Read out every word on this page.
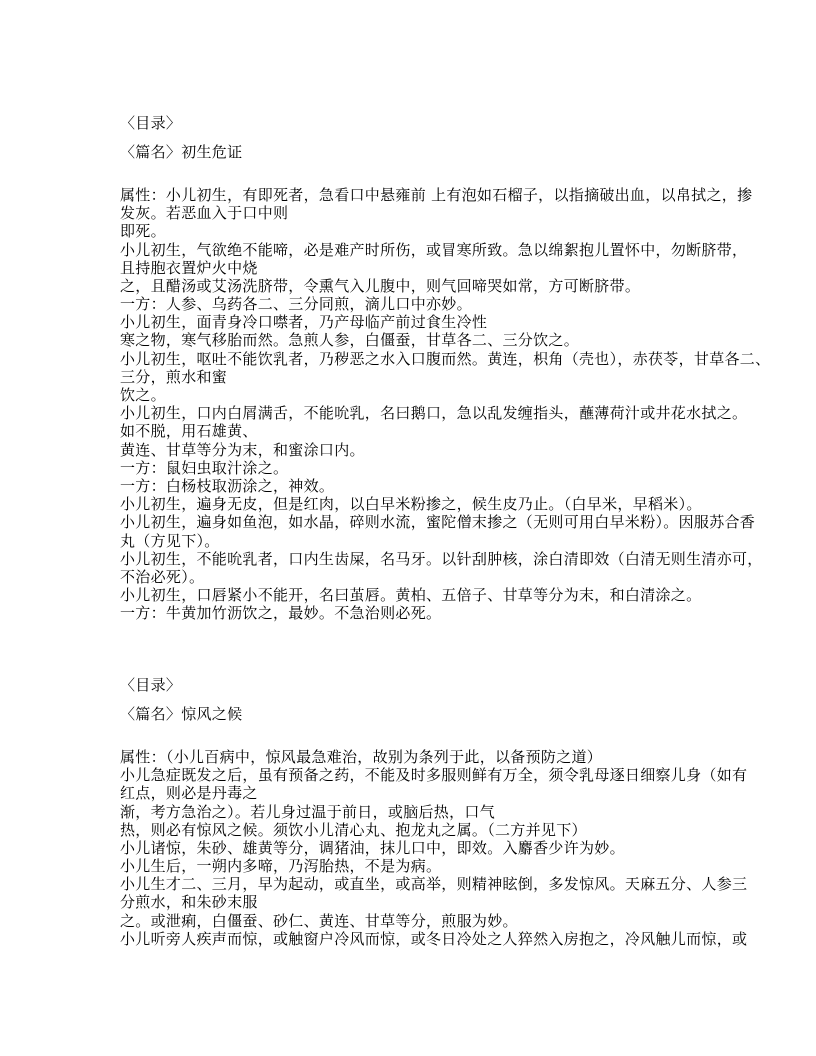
〈目录〉
〈篇名〉初生危证
属性：小儿初生，有即死者，急看口中悬雍前 上有泡如石榴子，以指摘破出血，以帛拭之，掺
发灰。若恶血入于口中则
即死。
小儿初生，气欲绝不能啼，必是难产时所伤，或冒寒所致。急以绵絮抱儿置怀中，勿断脐带，
且持胞衣置炉火中烧
之，且醋汤或艾汤洗脐带，令熏气入儿腹中，则气回啼哭如常，方可断脐带。
一方：人参、乌药各二、三分同煎，滴儿口中亦妙。
小儿初生，面青身冷口噤者，乃产母临产前过食生冷性
寒之物，寒气移胎而然。急煎人参，白僵蚕，甘草各二、三分饮之。
小儿初生，呕吐不能饮乳者，乃秽恶之水入口腹而然。黄连，枳角（壳也），赤茯苓，甘草各二、
三分，煎水和蜜
饮之。
小儿初生，口内白屑满舌，不能吮乳，名曰鹅口，急以乱发缠指头，蘸薄荷汁或井花水拭之。
如不脱，用石雄黄、
黄连、甘草等分为末，和蜜涂口内。
一方：鼠妇虫取汁涂之。
一方：白杨枝取沥涂之，神效。
小儿初生，遍身无皮，但是红肉，以白早米粉掺之，候生皮乃止。（白早米，早稻米）。
小儿初生，遍身如鱼泡，如水晶，碎则水流，蜜陀僧末掺之（无则可用白早米粉）。因服苏合香
丸（方见下）。
小儿初生，不能吮乳者，口内生齿屎，名马牙。以针刮肿核，涂白清即效（白清无则生清亦可，
不治必死）。
小儿初生，口唇紧小不能开，名曰茧唇。黄柏、五倍子、甘草等分为末，和白清涂之。
一方：牛黄加竹沥饮之，最妙。不急治则必死。
〈目录〉
〈篇名〉惊风之候
属性：（小儿百病中，惊风最急难治，故别为条列于此，以备预防之道）
小儿急症既发之后，虽有预备之药，不能及时多服则鲜有万全，须令乳母逐日细察儿身（如有
红点，则必是丹毒之
渐，考方急治之）。若儿身过温于前日，或脑后热，口气
热，则必有惊风之候。须饮小儿清心丸、抱龙丸之属。（二方并见下）
小儿诸惊，朱砂、雄黄等分，调猪油，抹儿口中，即效。入麝香少许为妙。
小儿生后，一朔内多啼，乃泻胎热，不是为病。
小儿生才二、三月，早为起动，或直坐，或高举，则精神眩倒，多发惊风。天麻五分、人参三
分煎水，和朱砂末服
之。或泄痢，白僵蚕、砂仁、黄连、甘草等分，煎服为妙。
小儿听旁人疾声而惊，或触窗户冷风而惊，或冬日冷处之人猝然入房抱之，冷风触儿而惊，或
